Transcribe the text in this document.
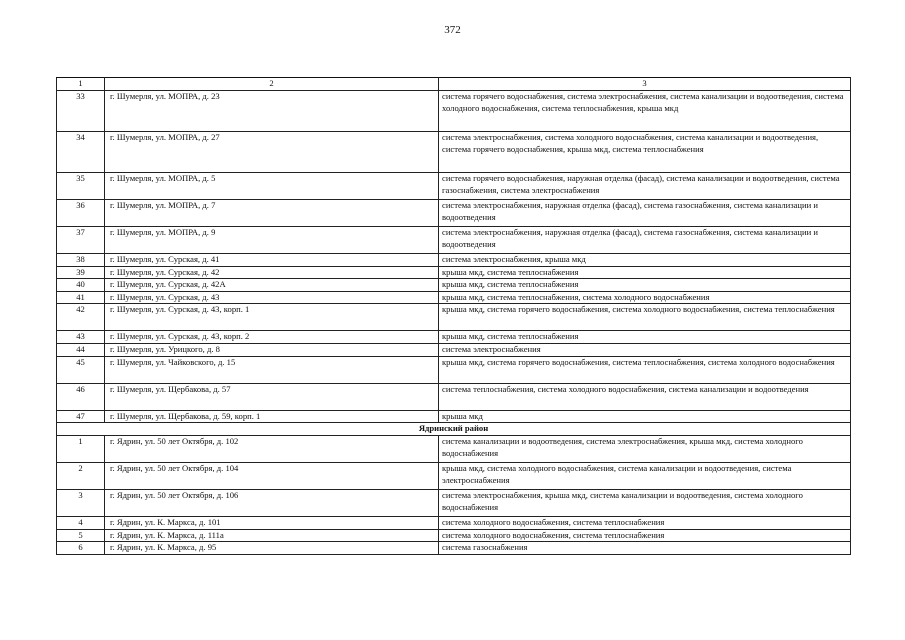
372
1	2	3
33	г. Шумерля, ул. МОПРА, д. 23	система горячего водоснабжения, система электроснабжения, система канализации и водоотведения, система холодного водоснабжения, система теплоснабжения, крыша мкд
34	г. Шумерля, ул. МОПРА, д. 27	система электроснабжения, система холодного водоснабжения, система канализации и водоотведения, система горячего водоснабжения, крыша мкд, система теплоснабжения
35	г. Шумерля, ул. МОПРА, д. 5	система горячего водоснабжения, наружная отделка (фасад), система канализации и водоотведения, система газоснабжения, система электроснабжения
36	г. Шумерля, ул. МОПРА, д. 7	система электроснабжения, наружная отделка (фасад), система газоснабжения, система канализации и водоотведения
37	г. Шумерля, ул. МОПРА, д. 9	система электроснабжения, наружная отделка (фасад), система газоснабжения, система канализации и водоотведения
38	г. Шумерля, ул. Сурская, д. 41	система электроснабжения, крыша мкд
39	г. Шумерля, ул. Сурская, д. 42	крыша мкд, система теплоснабжения
40	г. Шумерля, ул. Сурская, д. 42А	крыша мкд, система теплоснабжения
41	г. Шумерля, ул. Сурская, д. 43	крыша мкд, система теплоснабжения, система холодного водоснабжения
42	г. Шумерля, ул. Сурская, д. 43, корп. 1	крыша мкд, система горячего водоснабжения, система холодного водоснабжения, система теплоснабжения
43	г. Шумерля, ул. Сурская, д. 43, корп. 2	крыша мкд, система теплоснабжения
44	г. Шумерля, ул. Урицкого, д. 8	система электроснабжения
45	г. Шумерля, ул. Чайковского, д. 15	крыша мкд, система горячего водоснабжения, система теплоснабжения, система холодного водоснабжения
46	г. Шумерля, ул. Щербакова, д. 57	система теплоснабжения, система холодного водоснабжения, система канализации и водоотведения
47	г. Шумерля, ул. Щербакова, д. 59, корп. 1	крыша мкд
Ядринский район		
1	г. Ядрин, ул. 50 лет Октября, д. 102	система канализации и водоотведения, система электроснабжения, крыша мкд, система холодного водоснабжения
2	г. Ядрин, ул. 50 лет Октября, д. 104	крыша мкд, система холодного водоснабжения, система канализации и водоотведения, система электроснабжения
3	г. Ядрин, ул. 50 лет Октября, д. 106	система электроснабжения, крыша мкд, система канализации и водоотведения, система холодного водоснабжения
4	г. Ядрин, ул. К. Маркса, д. 101	система холодного водоснабжения, система теплоснабжения
5	г. Ядрин, ул. К. Маркса, д. 111а	система холодного водоснабжения, система теплоснабжения
6	г. Ядрин, ул. К. Маркса, д. 95	система газоснабжения
